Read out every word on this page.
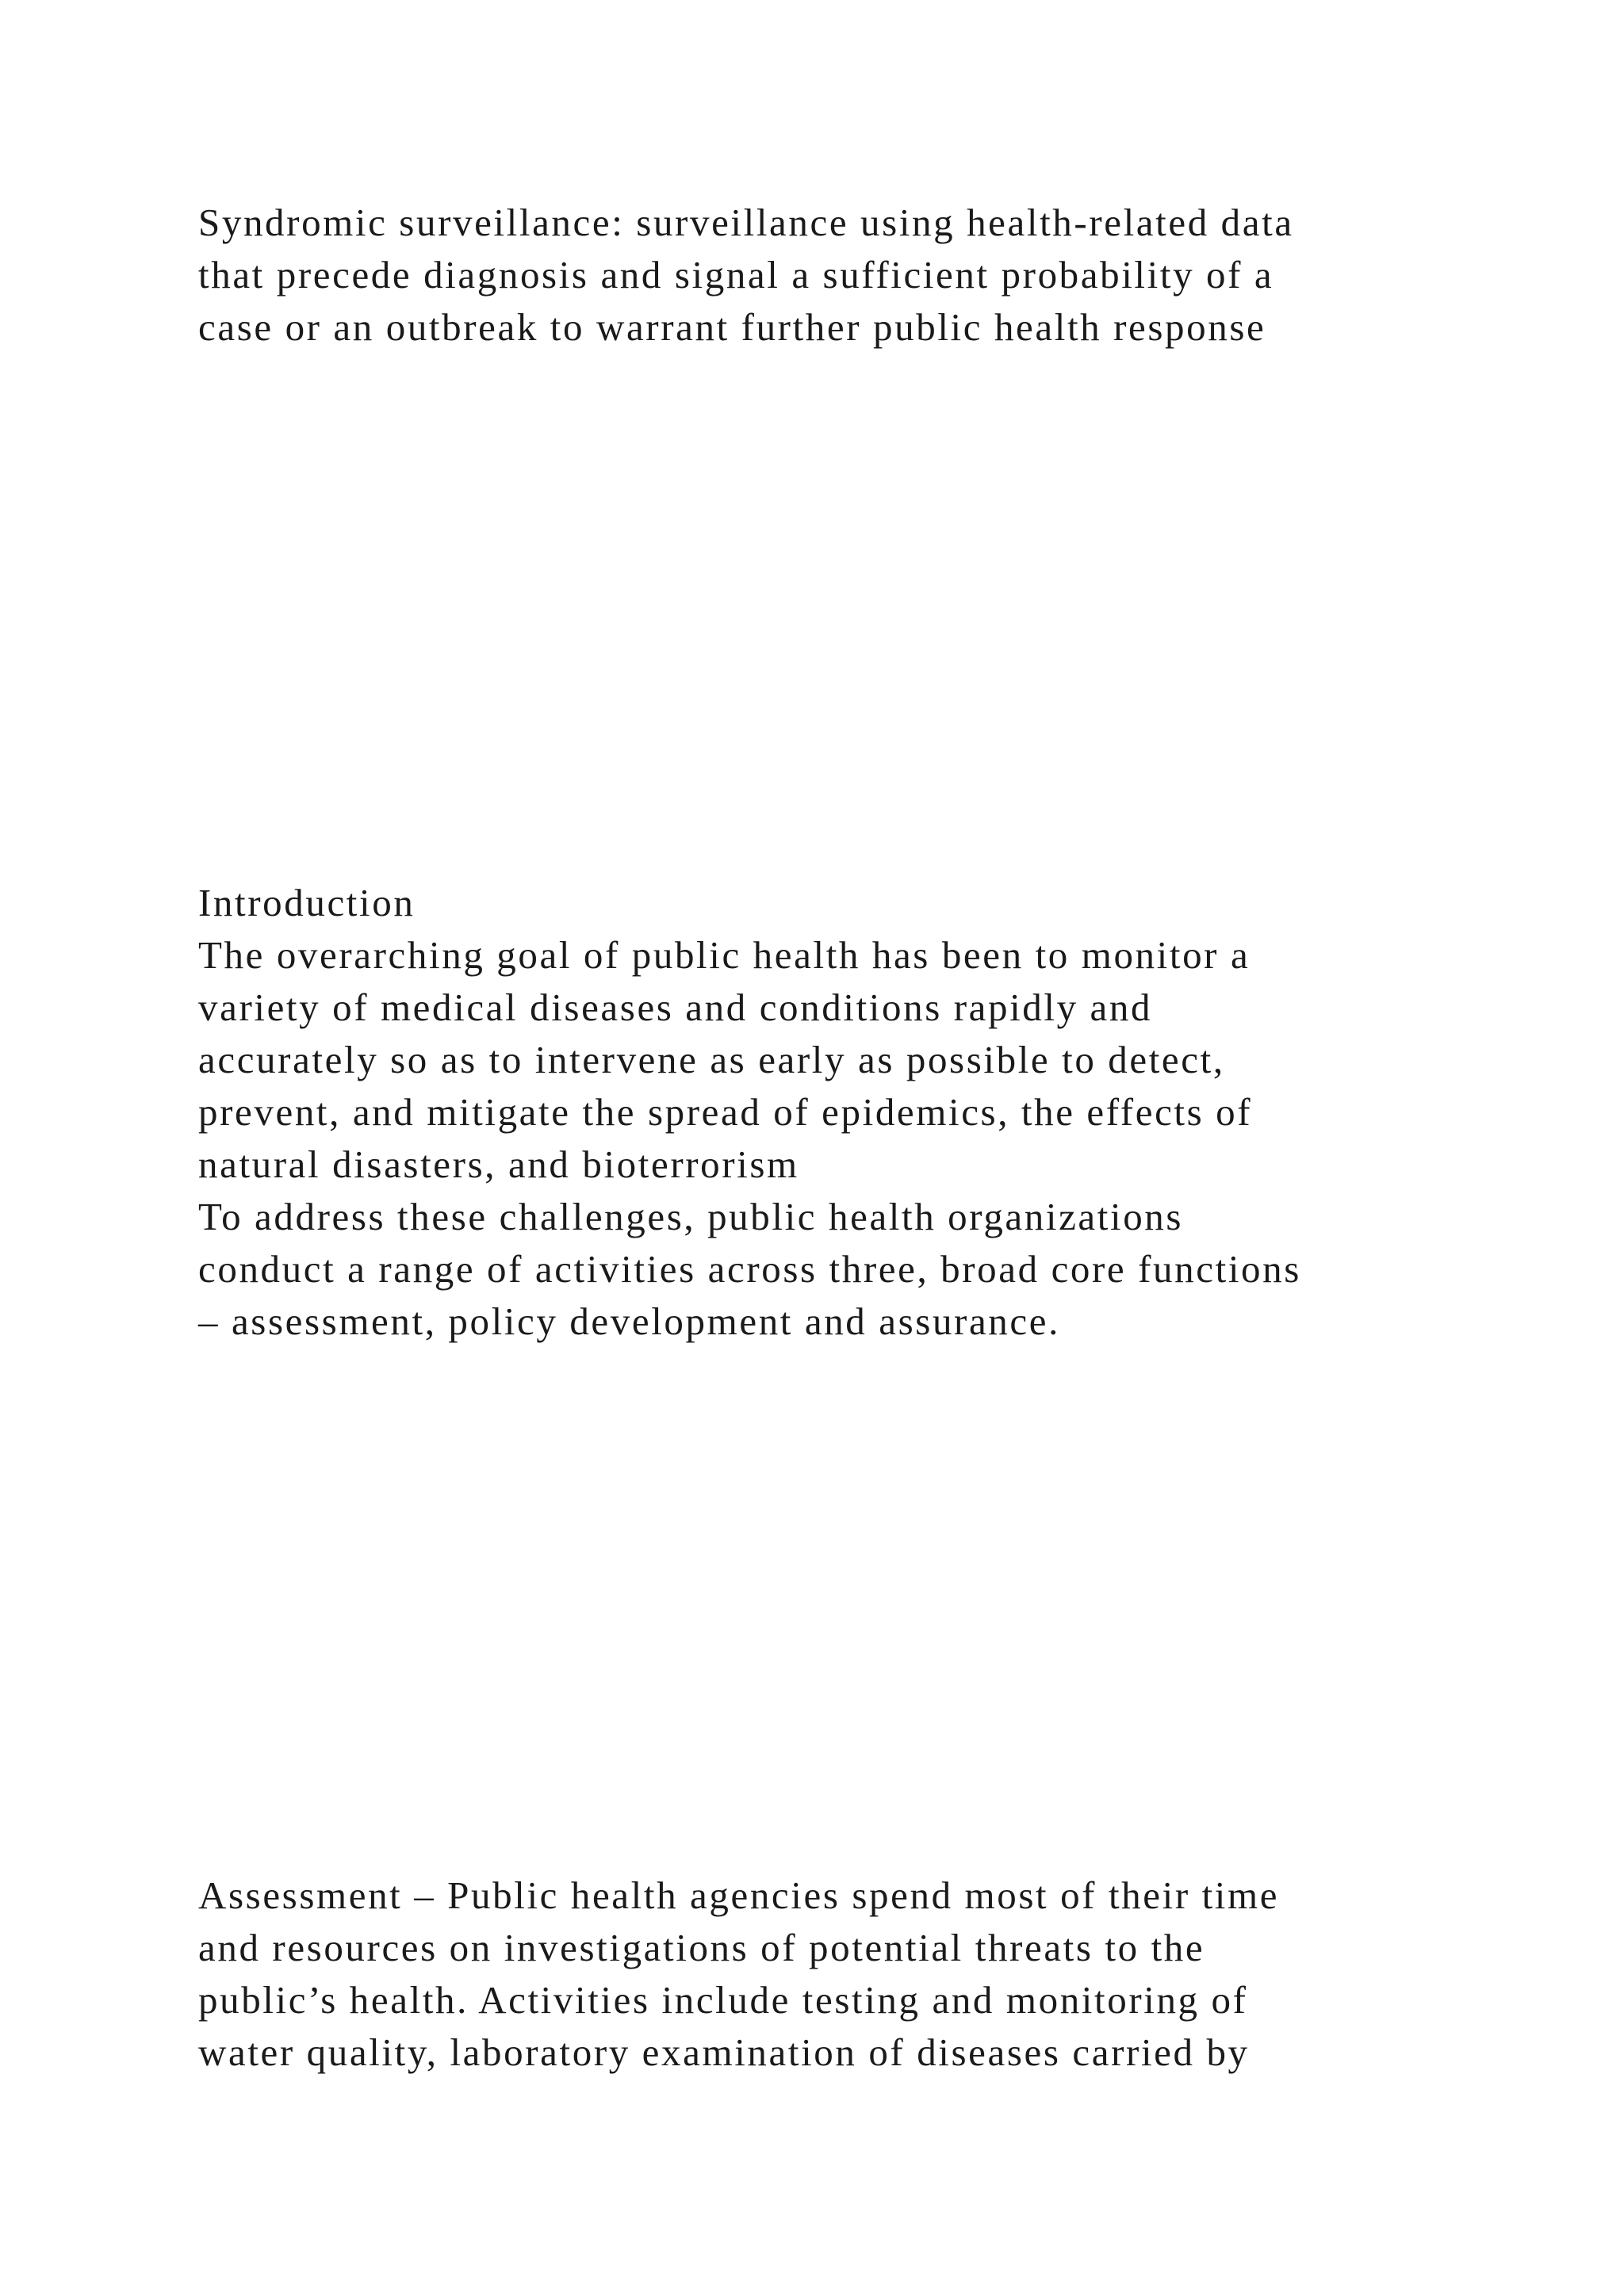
Syndromic surveillance: surveillance using health-related data
that precede diagnosis and signal a sufficient probability of a
case or an outbreak to warrant further public health response
Introduction
The overarching goal of public health has been to monitor a
variety of medical diseases and conditions rapidly and
accurately so as to intervene as early as possible to detect,
prevent, and mitigate the spread of epidemics, the effects of
natural disasters, and bioterrorism
To address these challenges, public health organizations
conduct a range of activities across three, broad core functions
– assessment, policy development and assurance.
Assessment – Public health agencies spend most of their time
and resources on investigations of potential threats to the
public’s health. Activities include testing and monitoring of
water quality, laboratory examination of diseases carried by
